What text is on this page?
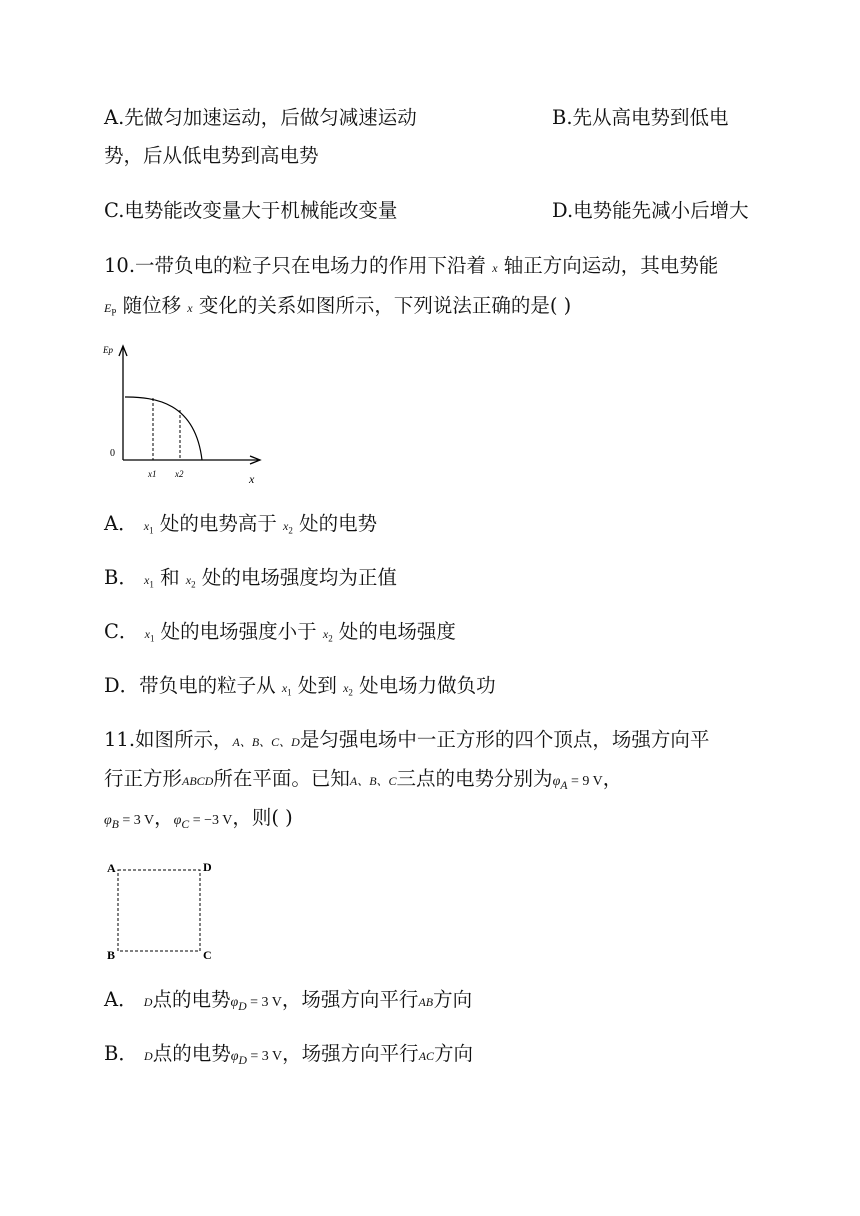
A.先做匀加速运动，后做匀减速运动	B.先从高电势到低电
势，后从低电势到高电势
C.电势能改变量大于机械能改变量	D.电势能先减小后增大
10.一带负电的粒子只在电场力的作用下沿着 x 轴正方向运动，其电势能
$E_P$ 随位移 x 变化的关系如图所示，下列说法正确的是( )
Ep
0
x1 x2	x
A． $x_1$ 处的电势高于 $x_2$ 处的电势
B． $x_1$ 和 $x_2$ 处的电场强度均为正值
C． $x_1$ 处的电场强度小于 $x_2$ 处的电场强度
D．带负电的粒子从 $x_1$ 处到 $x_2$ 处电场力做负功
11.如图所示，A、B、C、D是匀强电场中一正方形的四个顶点，场强方向平
行正方形ABCD所在平面。已知A、B、C三点的电势分别为$\varphi_A = 9$ V，
$\varphi_B = 3$ V，$\varphi_C = -3$ V，则( )
A	D
B	C
A． D点的电势$\varphi_D = 3$ V，场强方向平行AB方向
B． D点的电势$\varphi_D = 3$ V，场强方向平行AC方向
